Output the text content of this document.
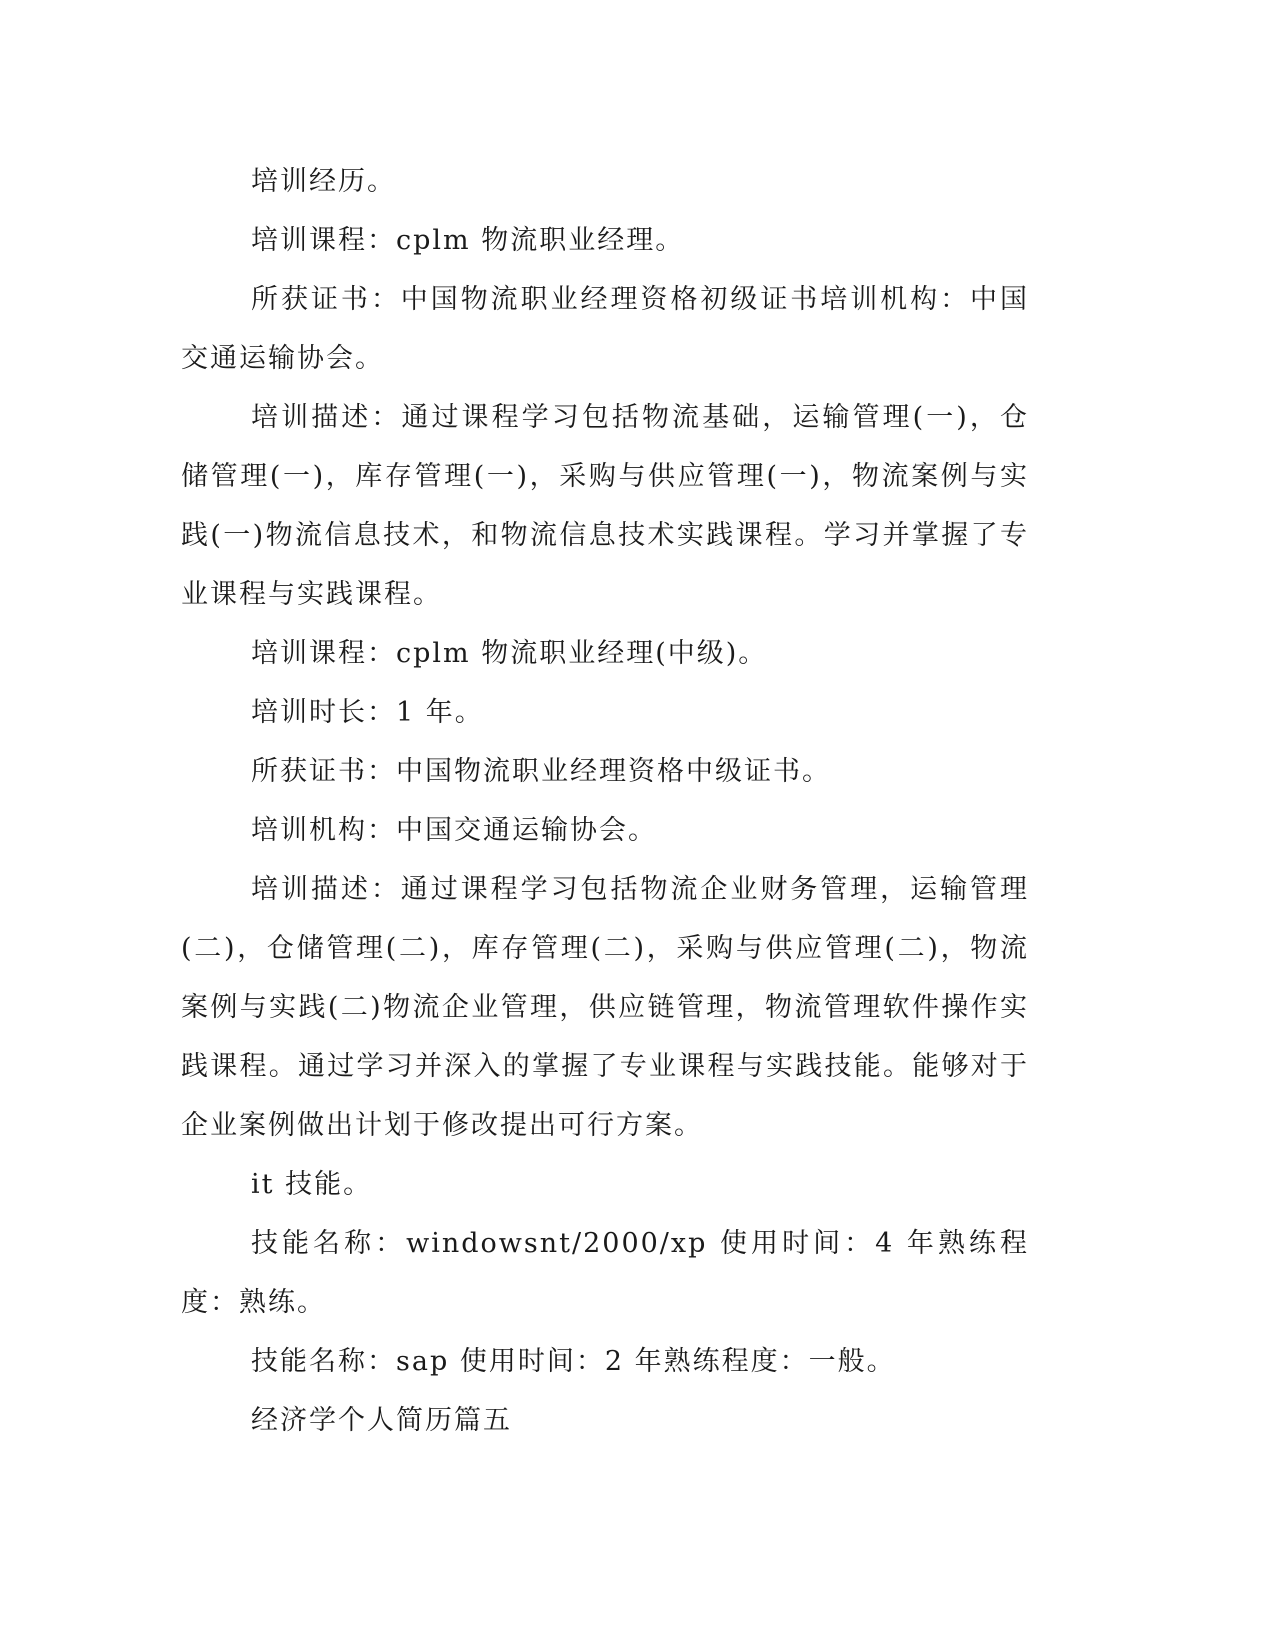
培训经历。

培训课程：cplm 物流职业经理。

所获证书：中国物流职业经理资格初级证书培训机构：中国交通运输协会。

培训描述：通过课程学习包括物流基础，运输管理(一)，仓储管理(一)，库存管理(一)，采购与供应管理(一)，物流案例与实践(一)物流信息技术，和物流信息技术实践课程。学习并掌握了专业课程与实践课程。

培训课程：cplm 物流职业经理(中级)。

培训时长：1 年。

所获证书：中国物流职业经理资格中级证书。

培训机构：中国交通运输协会。

培训描述：通过课程学习包括物流企业财务管理，运输管理(二)，仓储管理(二)，库存管理(二)，采购与供应管理(二)，物流案例与实践(二)物流企业管理，供应链管理，物流管理软件操作实践课程。通过学习并深入的掌握了专业课程与实践技能。能够对于企业案例做出计划于修改提出可行方案。

it 技能。

技能名称：windowsnt/2000/xp 使用时间：4 年熟练程度：熟练。

技能名称：sap 使用时间：2 年熟练程度：一般。

经济学个人简历篇五
